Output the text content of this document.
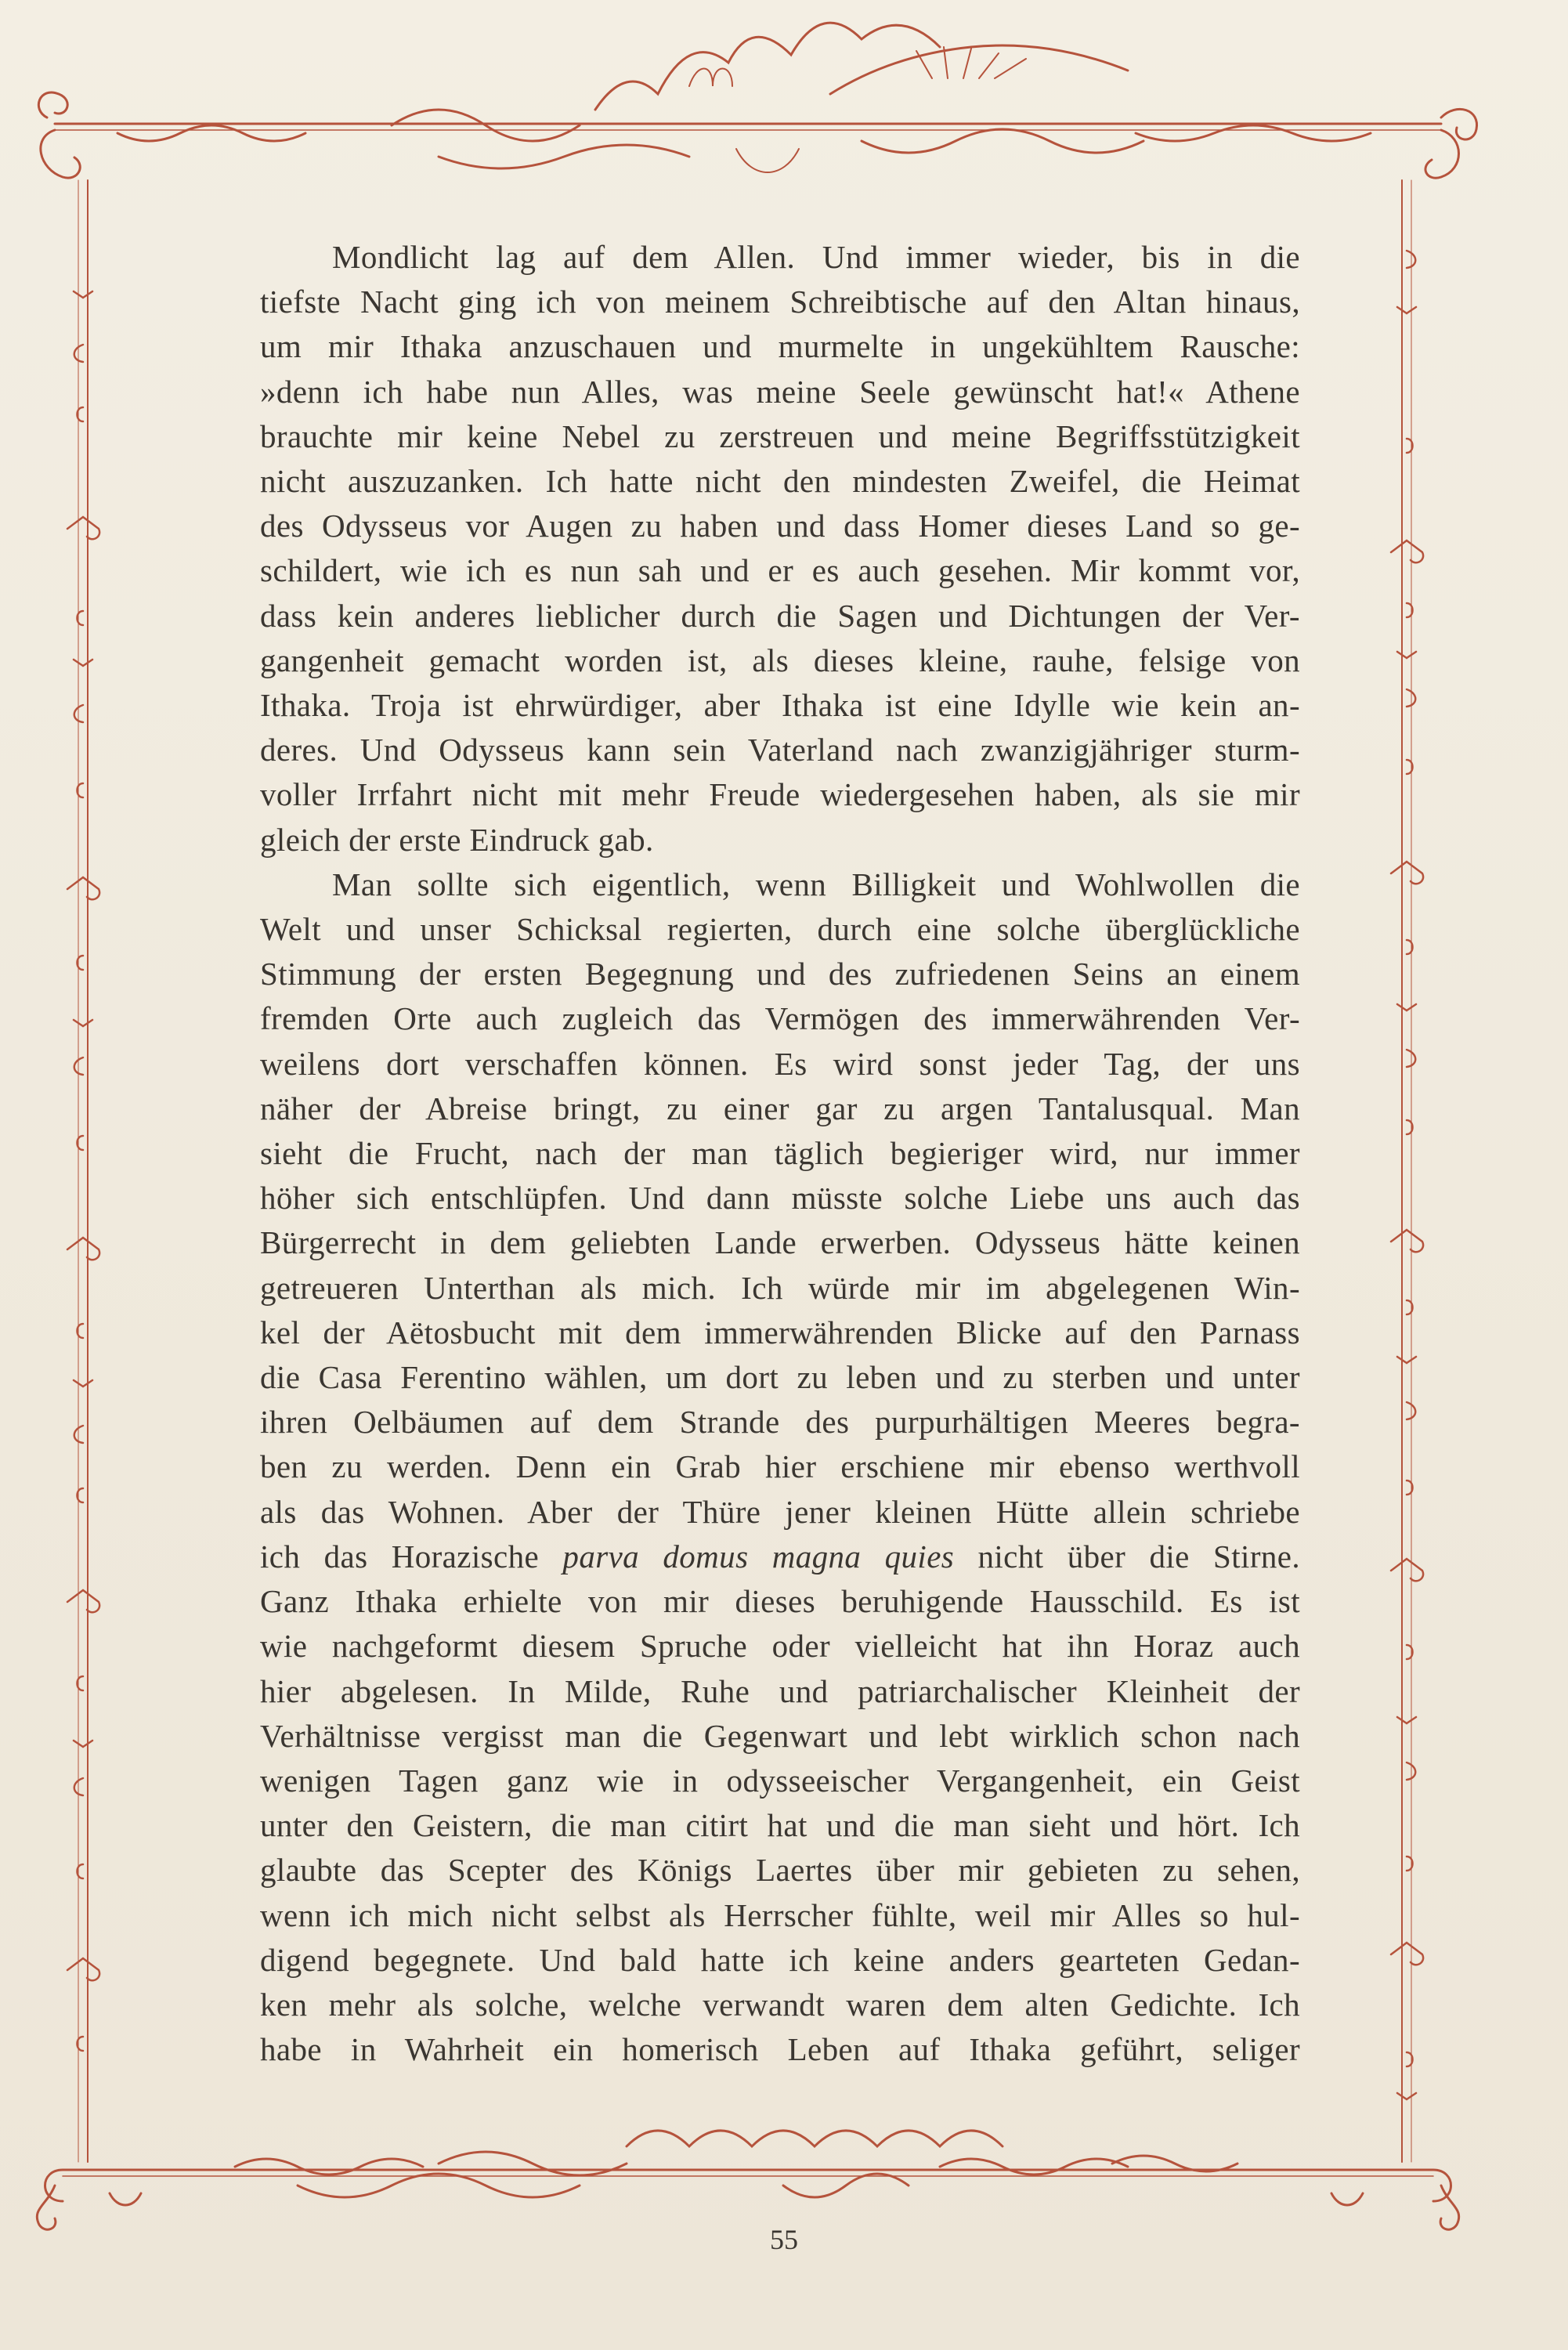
Mondlicht lag auf dem Allen. Und immer wieder, bis in die
tiefste Nacht ging ich von meinem Schreibtische auf den Altan hinaus,
um mir Ithaka anzuschauen und murmelte in ungekühltem Rausche:
»denn ich habe nun Alles, was meine Seele gewünscht hat!« Athene
brauchte mir keine Nebel zu zerstreuen und meine Begriffsstützigkeit
nicht auszuzanken. Ich hatte nicht den mindesten Zweifel, die Heimat
des Odysseus vor Augen zu haben und dass Homer dieses Land so ge-
schildert, wie ich es nun sah und er es auch gesehen. Mir kommt vor,
dass kein anderes lieblicher durch die Sagen und Dichtungen der Ver-
gangenheit gemacht worden ist, als dieses kleine, rauhe, felsige von
Ithaka. Troja ist ehrwürdiger, aber Ithaka ist eine Idylle wie kein an-
deres. Und Odysseus kann sein Vaterland nach zwanzigjähriger sturm-
voller Irrfahrt nicht mit mehr Freude wiedergesehen haben, als sie mir
gleich der erste Eindruck gab.
Man sollte sich eigentlich, wenn Billigkeit und Wohlwollen die
Welt und unser Schicksal regierten, durch eine solche überglückliche
Stimmung der ersten Begegnung und des zufriedenen Seins an einem
fremden Orte auch zugleich das Vermögen des immerwährenden Ver-
weilens dort verschaffen können. Es wird sonst jeder Tag, der uns
näher der Abreise bringt, zu einer gar zu argen Tantalusqual. Man
sieht die Frucht, nach der man täglich begieriger wird, nur immer
höher sich entschlüpfen. Und dann müsste solche Liebe uns auch das
Bürgerrecht in dem geliebten Lande erwerben. Odysseus hätte keinen
getreueren Unterthan als mich. Ich würde mir im abgelegenen Win-
kel der Aëtosbucht mit dem immerwährenden Blicke auf den Parnass
die Casa Ferentino wählen, um dort zu leben und zu sterben und unter
ihren Oelbäumen auf dem Strande des purpurhältigen Meeres begra-
ben zu werden. Denn ein Grab hier erschiene mir ebenso werthvoll
als das Wohnen. Aber der Thüre jener kleinen Hütte allein schriebe
ich das Horazische parva domus magna quies nicht über die Stirne.
Ganz Ithaka erhielte von mir dieses beruhigende Hausschild. Es ist
wie nachgeformt diesem Spruche oder vielleicht hat ihn Horaz auch
hier abgelesen. In Milde, Ruhe und patriarchalischer Kleinheit der
Verhältnisse vergisst man die Gegenwart und lebt wirklich schon nach
wenigen Tagen ganz wie in odysseeischer Vergangenheit, ein Geist
unter den Geistern, die man citirt hat und die man sieht und hört. Ich
glaubte das Scepter des Königs Laertes über mir gebieten zu sehen,
wenn ich mich nicht selbst als Herrscher fühlte, weil mir Alles so hul-
digend begegnete. Und bald hatte ich keine anders gearteten Gedan-
ken mehr als solche, welche verwandt waren dem alten Gedichte. Ich
habe in Wahrheit ein homerisch Leben auf Ithaka geführt, seliger
55
